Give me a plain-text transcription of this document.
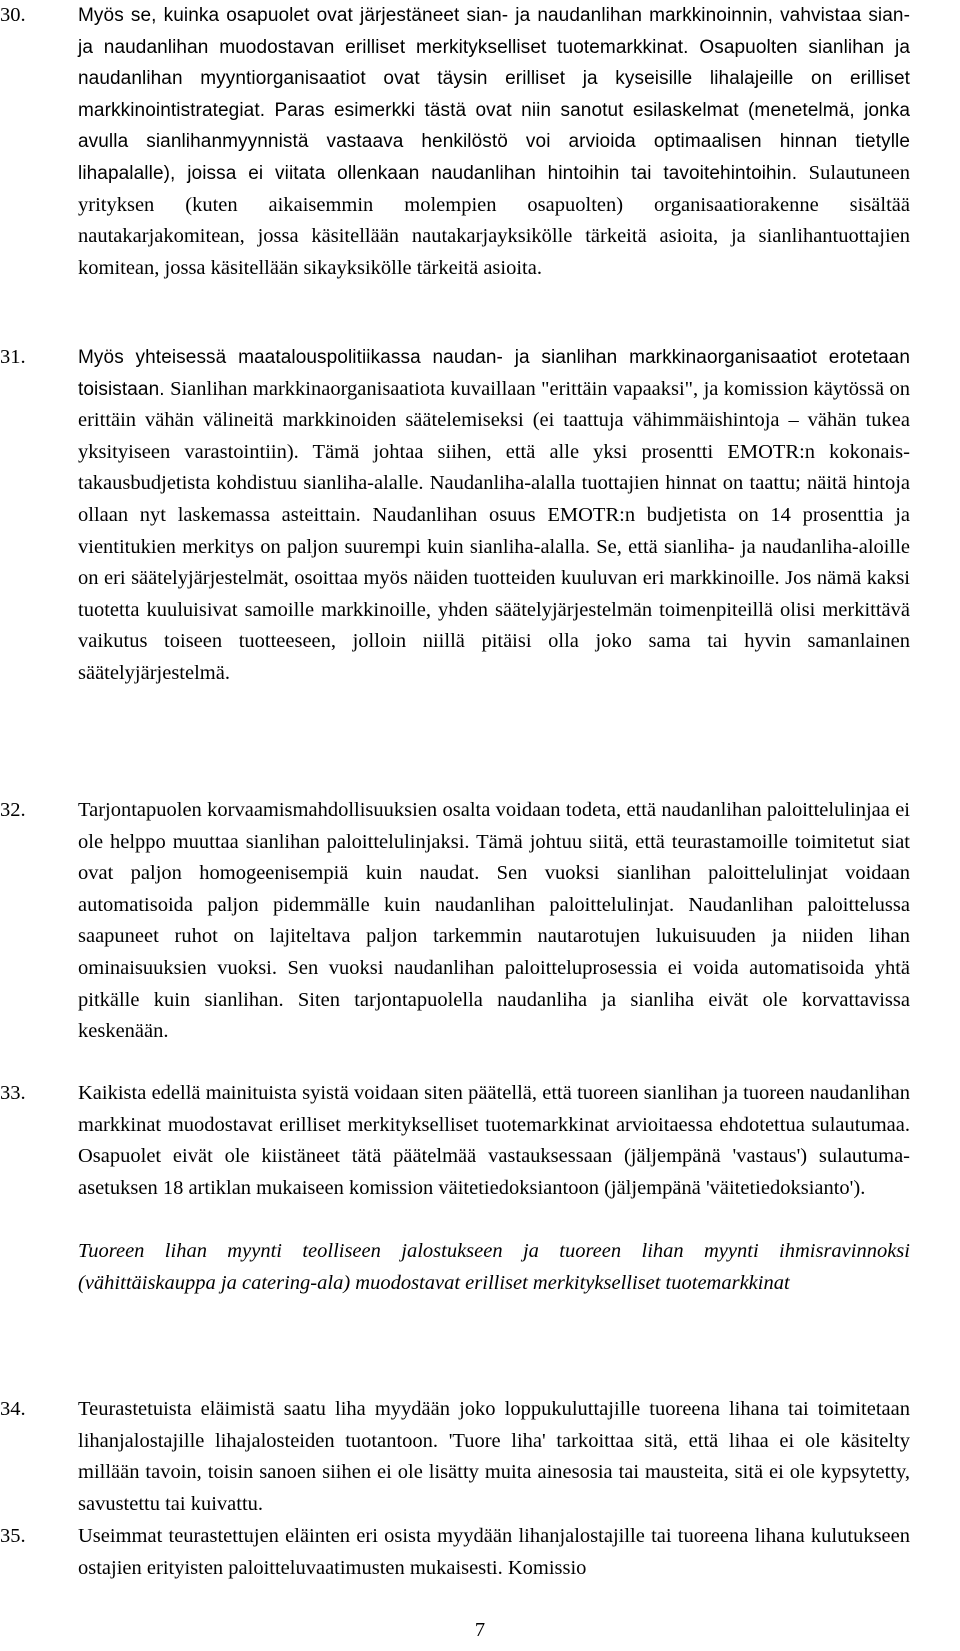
30.	Myös se, kuinka osapuolet ovat järjestäneet sian- ja naudanlihan markkinoinnin, vahvistaa sian- ja naudanlihan muodostavan erilliset merkitykselliset tuotemarkkinat. Osapuolten sianlihan ja naudanlihan myyntiorganisaatiot ovat täysin erilliset ja kyseisille lihalajeille on erilliset markkinointistrategiat. Paras esimerkki tästä ovat niin sanotut esilaskelmat (menetelmä, jonka avulla sianlihanmyynnistä vastaava henkilöstö voi arvioida optimaalisen hinnan tietylle lihapalalle), joissa ei viitata ollenkaan naudanlihan hintoihin tai tavoitehintoihin. Sulautuneen yrityksen (kuten aikaisemmin molempien osapuolten) organisaatiorakenne sisältää nautakarjakomitean, jossa käsitellään nautakarjayksikölle tärkeitä asioita, ja sianlihantuottajien komitean, jossa käsitellään sikayksikölle tärkeitä asioita.
31.	Myös yhteisessä maatalouspolitiikassa naudan- ja sianlihan markkinaorganisaatiot erotetaan toisistaan. Sianlihan markkinaorganisaatiota kuvaillaan "erittäin vapaaksi", ja komission käytössä on erittäin vähän välineitä markkinoiden säätelemiseksi (ei taattuja vähimmäishintoja – vähän tukea yksityiseen varastointiin). Tämä johtaa siihen, että alle yksi prosentti EMOTR:n kokonais-takausbudjetista kohdistuu sianliha-alalle. Naudanliha-alalla tuottajien hinnat on taattu; näitä hintoja ollaan nyt laskemassa asteittain. Naudanlihan osuus EMOTR:n budjetista on 14 prosenttia ja vientitukien merkitys on paljon suurempi kuin sianliha-alalla. Se, että sianliha- ja naudanliha-aloille on eri säätelyjärjestelmät, osoittaa myös näiden tuotteiden kuuluvan eri markkinoille. Jos nämä kaksi tuotetta kuuluisivat samoille markkinoille, yhden säätelyjärjestelmän toimenpiteillä olisi merkittävä vaikutus toiseen tuotteeseen, jolloin niillä pitäisi olla joko sama tai hyvin samanlainen säätelyjärjestelmä.
32.	Tarjontapuolen korvaamismahdollisuuksien osalta voidaan todeta, että naudanlihan paloittelulinjaa ei ole helppo muuttaa sianlihan paloittelulinjaksi. Tämä johtuu siitä, että teurastamoille toimitetut siat ovat paljon homogeenisempiä kuin naudat. Sen vuoksi sianlihan paloittelulinjat voidaan automatisoida paljon pidemmälle kuin naudanlihan paloittelulinjat. Naudanlihan paloittelussa saapuneet ruhot on lajiteltava paljon tarkemmin nautarotujen lukuisuuden ja niiden lihan ominaisuuksien vuoksi. Sen vuoksi naudanlihan paloitteluprosessia ei voida automatisoida yhtä pitkälle kuin sianlihan. Siten tarjontapuolella naudanliha ja sianliha eivät ole korvattavissa keskenään.
33.	Kaikista edellä mainituista syistä voidaan siten päätellä, että tuoreen sianlihan ja tuoreen naudanlihan markkinat muodostavat erilliset merkitykselliset tuotemarkkinat arvioitaessa ehdotettua sulautumaa. Osapuolet eivät ole kiistäneet tätä päätelmää vastauksessaan (jäljempänä 'vastaus') sulautuma-asetuksen 18 artiklan mukaiseen komission väitetiedoksiantoon (jäljempänä 'väitetiedoksianto').
Tuoreen lihan myynti teolliseen jalostukseen ja tuoreen lihan myynti ihmisravinnoksi (vähittäiskauppa ja catering-ala) muodostavat erilliset merkitykselliset tuotemarkkinat
34.	Teurastetuista eläimistä saatu liha myydään joko loppukuluttajille tuoreena lihana tai toimitetaan lihanjalostajille lihajalosteiden tuotantoon. 'Tuore liha' tarkoittaa sitä, että lihaa ei ole käsitelty millään tavoin, toisin sanoen siihen ei ole lisätty muita ainesosia tai mausteita, sitä ei ole kypsytetty, savustettu tai kuivattu.
35.	Useimmat teurastettujen eläinten eri osista myydään lihanjalostajille tai tuoreena lihana kulutukseen ostajien erityisten paloitteluvaatimusten mukaisesti. Komissio
7
